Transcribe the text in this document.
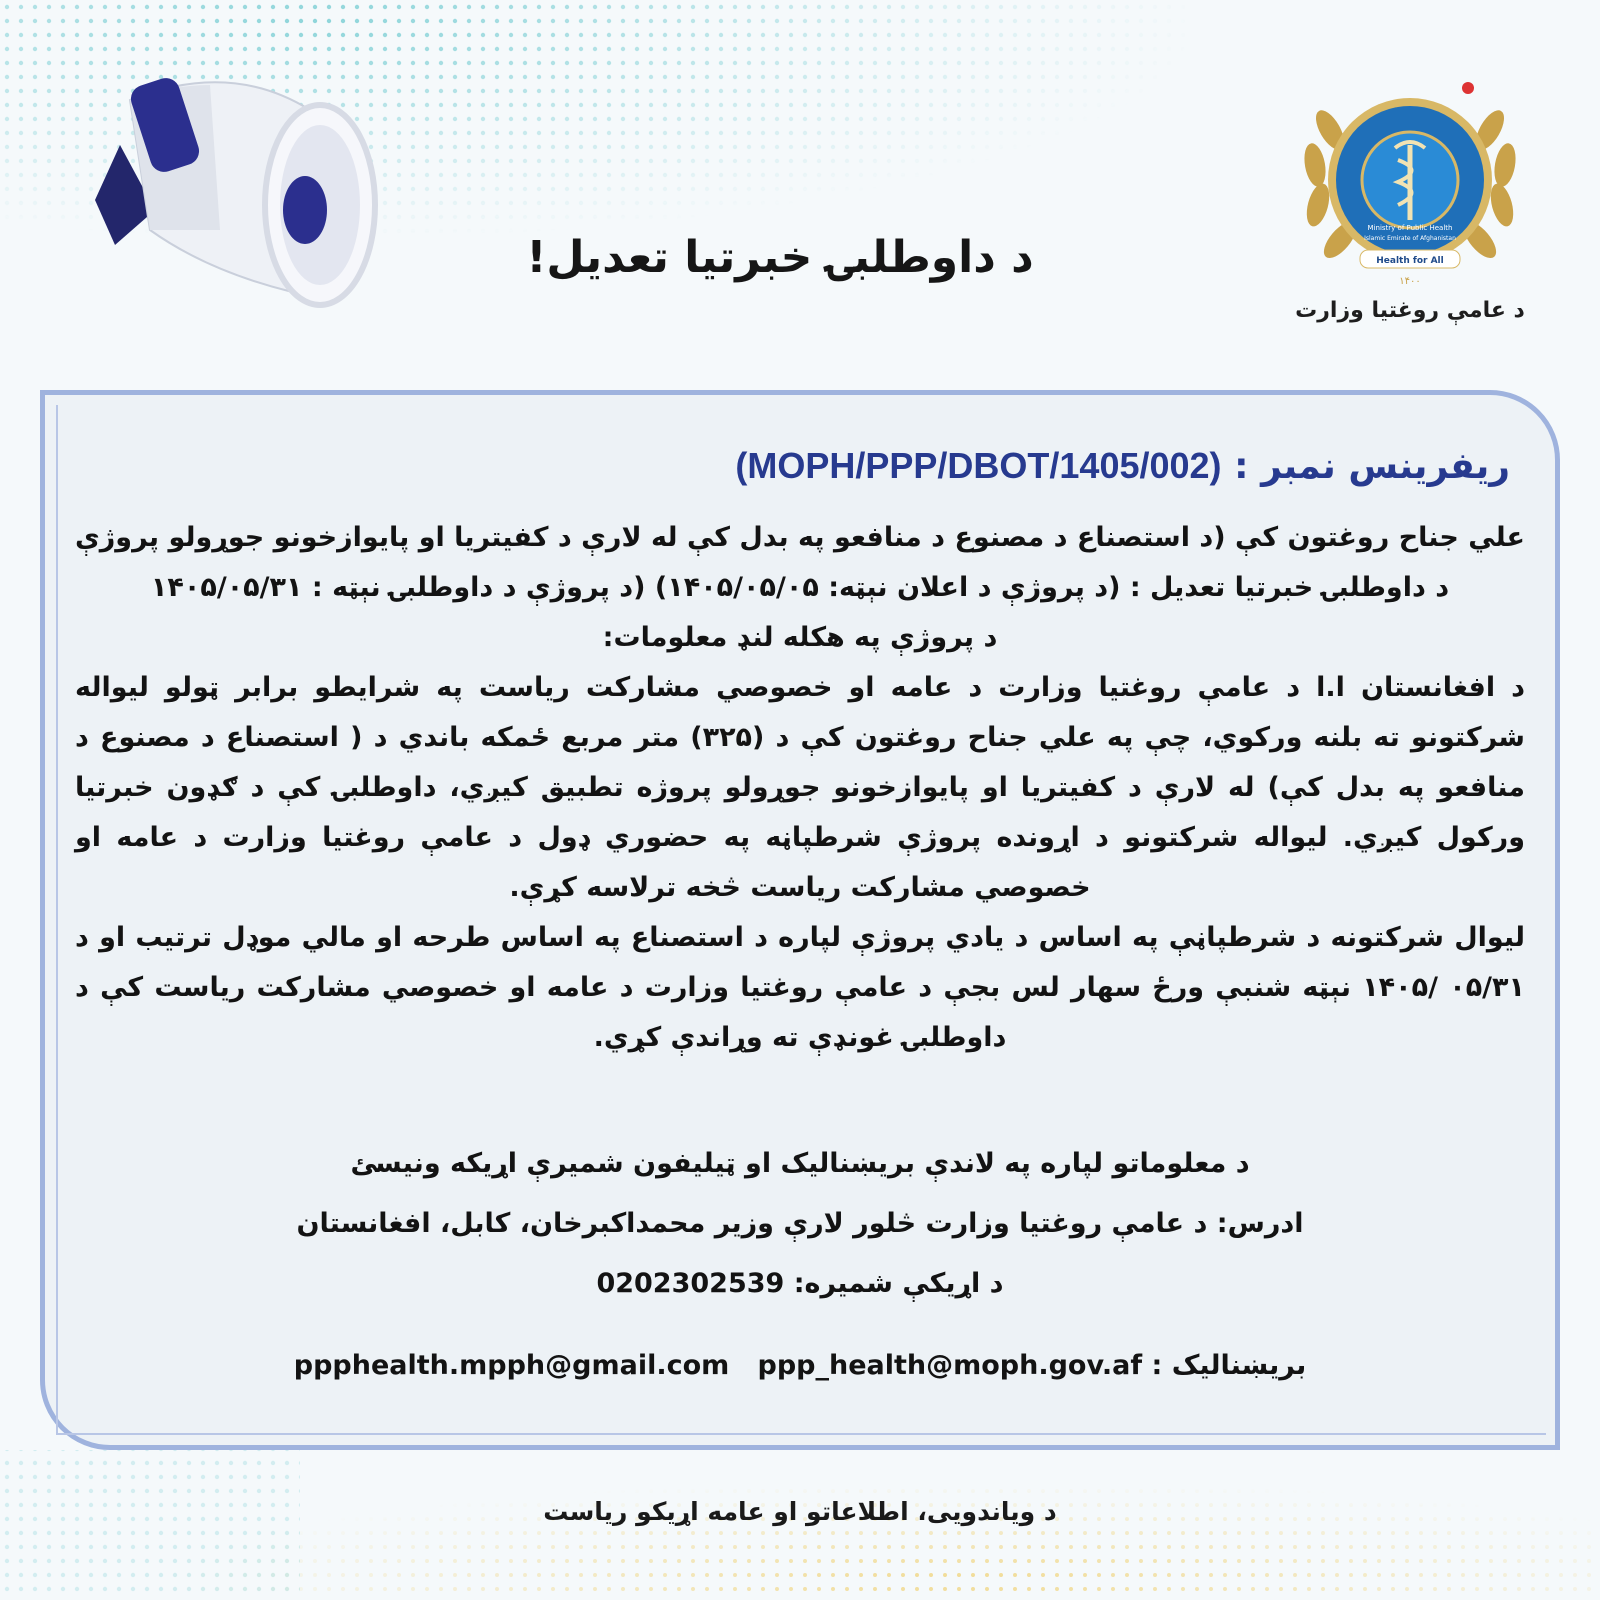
د داوطلبۍ خبرتیا تعدیل!
Ministry of Public Health
Islamic Emirate of Afghanistan
Health for All
۱۴۰۰
د عامې روغتیا وزارت
ریفرینس نمبر : (MOPH/PPP/DBOT/1405/002)

علي جناح روغتون کې (د استصناع د مصنوع د منافعو په بدل کې له لارې د کفیتریا او پایوازخونو جوړولو پروژې د داوطلبۍ خبرتیا تعدیل : (د پروژې د اعلان نېټه: ۱۴۰۵/۰۵/۰۵) (د پروژې د داوطلبۍ نېټه : ۱۴۰۵/۰۵/۳۱

د پروژې په هکله لنډ معلومات:

د افغانستان ا.ا د عامې روغتیا وزارت د عامه او خصوصي مشارکت ریاست په شرایطو برابر ټولو لیواله شرکتونو ته بلنه ورکوي، چې په علي جناح روغتون کې د (۳۲۵) متر مربع ځمکه باندي د ( استصناع د مصنوع د منافعو په بدل کې) له لارې د کفیتریا او پایوازخونو جوړولو پروژه تطبیق کیږي، داوطلبۍ کې د ګډون خبرتیا ورکول کیږي. لیواله شرکتونو د اړونده پروژې شرطپاڼه په حضوري ډول د عامې روغتیا وزارت د عامه او خصوصي مشارکت ریاست څخه ترلاسه کړې.

لیوال شرکتونه د شرطپاڼې په اساس د یادي پروژې لپاره د استصناع په اساس طرحه او مالي موډل ترتیب او د ۰۵/۳۱ /۱۴۰۵ نېټه شنبې ورځ سهار لس بجې د عامې روغتیا وزارت د عامه او خصوصي مشارکت ریاست کې د داوطلبۍ غونډې ته وړاندې کړي.

د معلوماتو لپاره په لاندې بریښنالیک او ټیلیفون شمیرې اړیکه ونیسئ
ادرس: د عامې روغتیا وزارت څلور لارې وزیر محمداکبرخان، کابل، افغانستان
د اړیکې شمیره: 0202302539
بریښنالیک : ppp_health@moph.gov.af   ppphealth.mpph@gmail.com
د ویاندویی، اطلاعاتو او عامه اړیکو ریاست
